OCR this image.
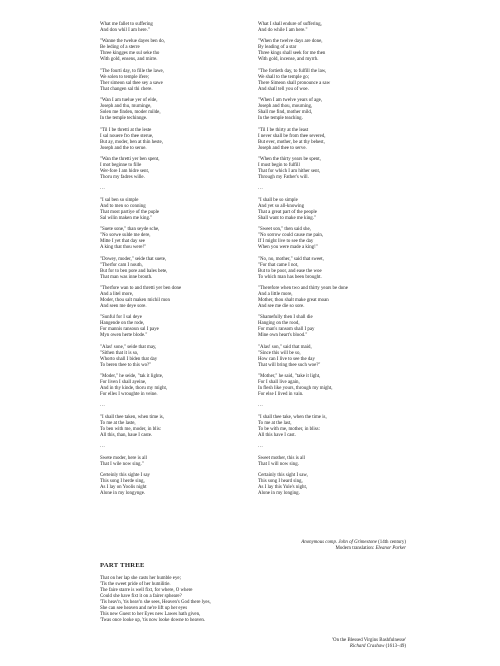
What me fallet to suffering
And don whil I am here."
"Wanne the twelue dayes ben do,
Be leding of a sterre
Three kingges me sul seke tho
With gold, ensens, and mirre.
"The fourti day, to fille the lawe,
We solen to temple ifere;
Ther simeon sal thee sey a sawe
That changen sal thi chere.
"Wan I am tuelue yer of elde,
Joseph and thu, murninge,
Solen me finden, moder milde,
In the temple techinnge.
"Til I be thretti at the leste
I sal nouere fro thee sterue,
But ay, moder, ben at thin heste,
Joseph and the to serue.
"Wan the thretti yer ben spent,
I mot beginne to fille
Wer-fore I am hidre sent,
Thoru my fadres wille.
...
"I sal ben so simple
And to men so conning
That most partiye of the puple
Sal wilin maken me king."
"Suete sone," than seyde sche,
"No sorwe sulde me dere,
Mitte I yet that day see
A king that thou were!"
"Dowey, moder," seide that suete,
"Therfor cam I nouth,
But for to ben pore and bales bete,
That man was inne brouth.
"Therfore wan to and thretti yer ben done
And a litel more,
Moder, thou salt maken michil mon
And seen me deye sore.
"Sunful for I sal deye
Hangende on the rode,
For mannis ransoun sal I paye
Myn owen herte blode."
"Alas! sone," seide that may,
"Sithen that it is so,
Whorto shall I biden that day
To beren thee to this wo?"
"Moder," he seide, "tak it lighte,
For liven I shall ayeine,
And in thy kinde, thoru my might,
For elles I wroughte in veine.
...
"I shall thee taken, when time is,
To me at the laste,
To ben with me, moder, in blis:
All this, than, haue I caste.
...
Swete moder, here is all
That I wile now sing."
Certeinly this sighte I say
This song I herde sing,
As I lay on Yoolis night
Alone in my longynge.
What I shall endure of suffering,
And do while I am here."
"When the twelve days are done,
By leading of a star
Three kings shall seek for me then
With gold, incense, and myrrh.
"The fortieth day, to fulfill the law,
We shall to the temple go;
There Simeon shall pronounce a saw
And shall tell you of woe.
"When I am twelve years of age,
Joseph and thou, mourning,
Shall me find, mother mild,
In the temple teaching.
"Til I be thirty at the least
I never shall be from thee severed,
But ever, mother, be at thy behest,
Joseph and thee to serve.
"When the thirty years be spent,
I must begin to fulfill
That for which I am hither sent,
Through my Father's will.
...
"I shall be so simple
And yet so all-knowing
That a great part of the people
Shall want to make me king."
"Sweet son," then said she,
"No sorrow could cause me pain,
If I might live to see the day
When you were made a king!"
"No, no, mother," said that sweet,
"For that came I not,
But to be poor, and ease the woe
To which man has been brought.
"Therefore when two and thirty years be done
And a little more,
Mother, thou shalt make great moan
And see me die so sore.
"Shamefully then I shall die
Hanging on the rood,
For man's ransom shall I pay
Mine own heart's blood."
"Alas! son," said that maid,
"Since this will be so,
How can I live to see the day
That will bring thee such woe?"
"Mother," he said, "take it light,
For I shall live again,
In flesh like yours, through my might,
For else I lived in vain.
...
"I shall thee take, when the time is,
To me at the last,
To be with me, mother, in bliss:
All this have I cast.
...
Sweet mother, this is all
That I will now sing.
Certainly this sight I saw,
This song I heard sing,
As I lay this Yule's night,
Alone in my longing.
Anonymous comp. John of Grimestone (14th century)
Modern translation: Eleanor Parker
PART THREE
That on her lap she casts her humble eye;
'Tis the sweet pride of her humilitie.
The faire starre is well fixt, for where, O where
Could she have fixt it on a fairer spheare?
'Tis heav'n, 'tis heav'n she sees, Heaven's God there lyes,
She can see heaven and ne're lift up her eyes
This new Guest to her Eyes new Lawes hath given,
'Twas once looke up, 'tis now looke downe to heaven.
'On the Blessed Virgins Bashfulnesse'
Richard Crashaw (1613–49)
